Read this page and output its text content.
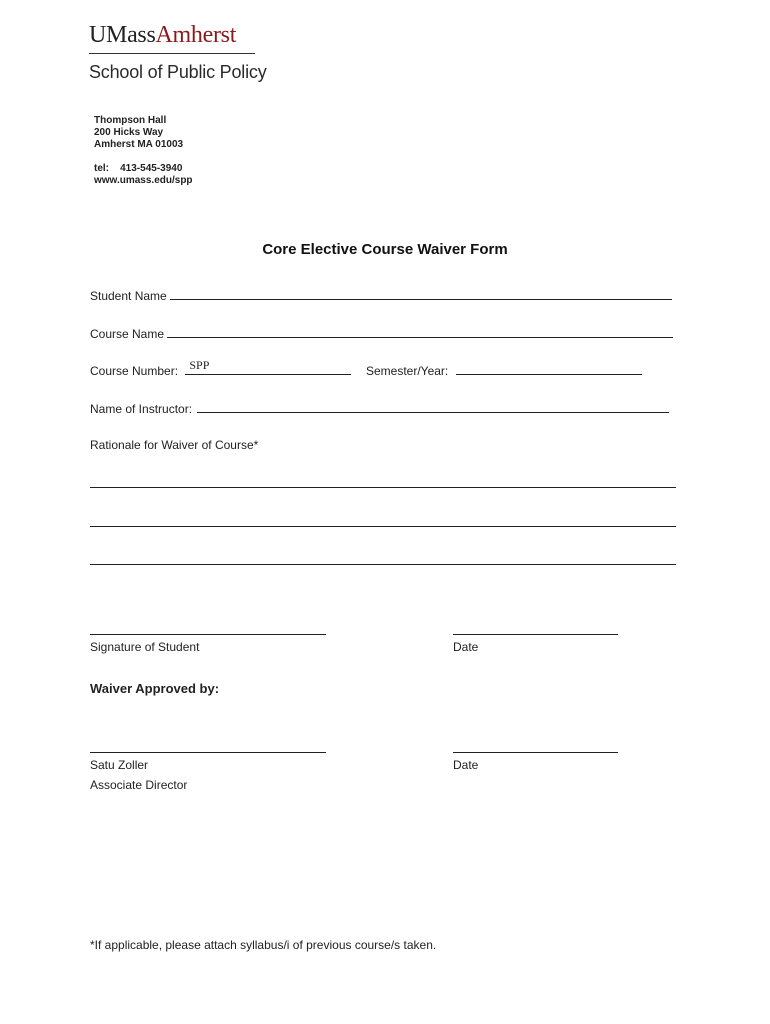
UMassAmherst
School of Public Policy
Thompson Hall
200 Hicks Way
Amherst MA 01003
tel: 413-545-3940
www.umass.edu/spp
Core Elective Course Waiver Form
Student Name
Course Name
Course Number: SPP	Semester/Year:
Name of Instructor:
Rationale for Waiver of Course*
Signature of Student	Date
Waiver Approved by:
Satu Zoller	Date
Associate Director
*If applicable, please attach syllabus/i of previous course/s taken.
